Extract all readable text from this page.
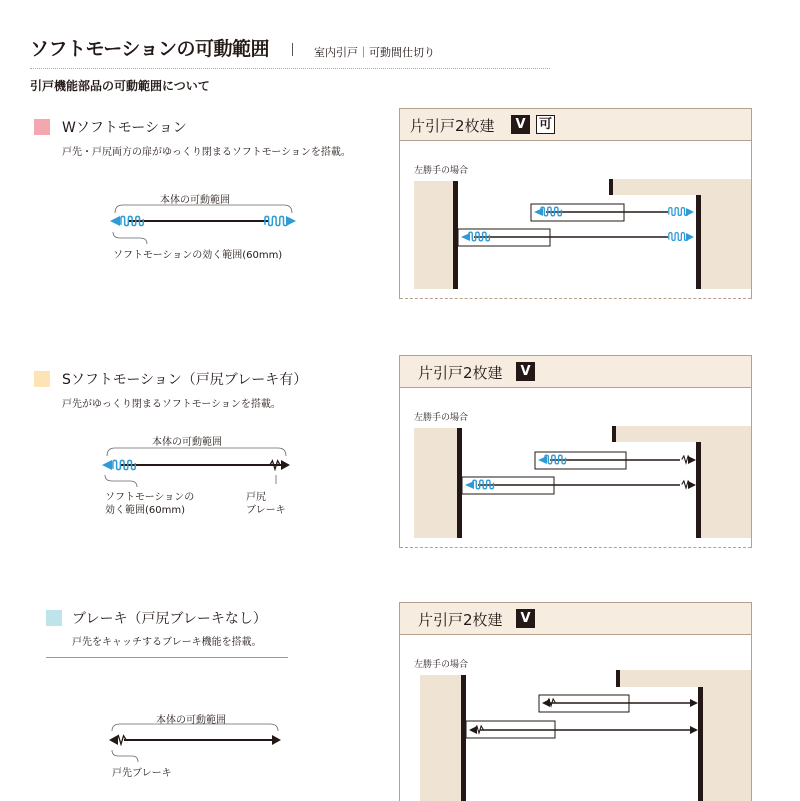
ソフトモーションの可動範囲	室内引戸｜可動間仕切り
引戸機能部品の可動範囲について
Wソフトモーション
戸先・戸尻両方の扉がゆっくり閉まるソフトモーションを搭載。
本体の可動範囲
ソフトモーションの効く範囲(60mm)
Sソフトモーション（戸尻ブレーキ有）
戸先がゆっくり閉まるソフトモーションを搭載。
本体の可動範囲
ソフトモーションの
効く範囲(60mm)
戸尻
ブレーキ
ブレーキ（戸尻ブレーキなし）
戸先をキャッチするブレーキ機能を搭載。
本体の可動範囲
戸先ブレーキ
片引戸2枚建	V	可
左勝手の場合
片引戸2枚建	V
左勝手の場合
片引戸2枚建	V
左勝手の場合
